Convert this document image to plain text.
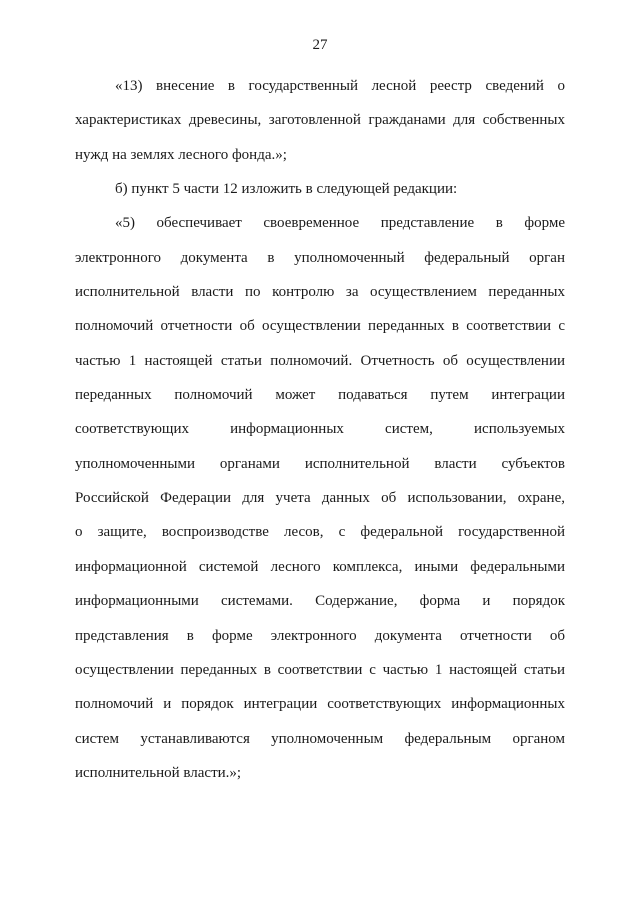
27
«13) внесение в государственный лесной реестр сведений о
характеристиках древесины, заготовленной гражданами для собственных
нужд на землях лесного фонда.»;
б) пункт 5 части 12 изложить в следующей редакции:
«5) обеспечивает своевременное представление в форме
электронного документа в уполномоченный федеральный орган
исполнительной власти по контролю за осуществлением переданных
полномочий отчетности об осуществлении переданных в соответствии с
частью 1 настоящей статьи полномочий. Отчетность об осуществлении
переданных полномочий может подаваться путем интеграции
соответствующих информационных систем, используемых
уполномоченными органами исполнительной власти субъектов
Российской Федерации для учета данных об использовании, охране,
о защите, воспроизводстве лесов, с федеральной государственной
информационной системой лесного комплекса, иными федеральными
информационными системами. Содержание, форма и порядок
представления в форме электронного документа отчетности об
осуществлении переданных в соответствии с частью 1 настоящей статьи
полномочий и порядок интеграции соответствующих информационных
систем устанавливаются уполномоченным федеральным органом
исполнительной власти.»;
